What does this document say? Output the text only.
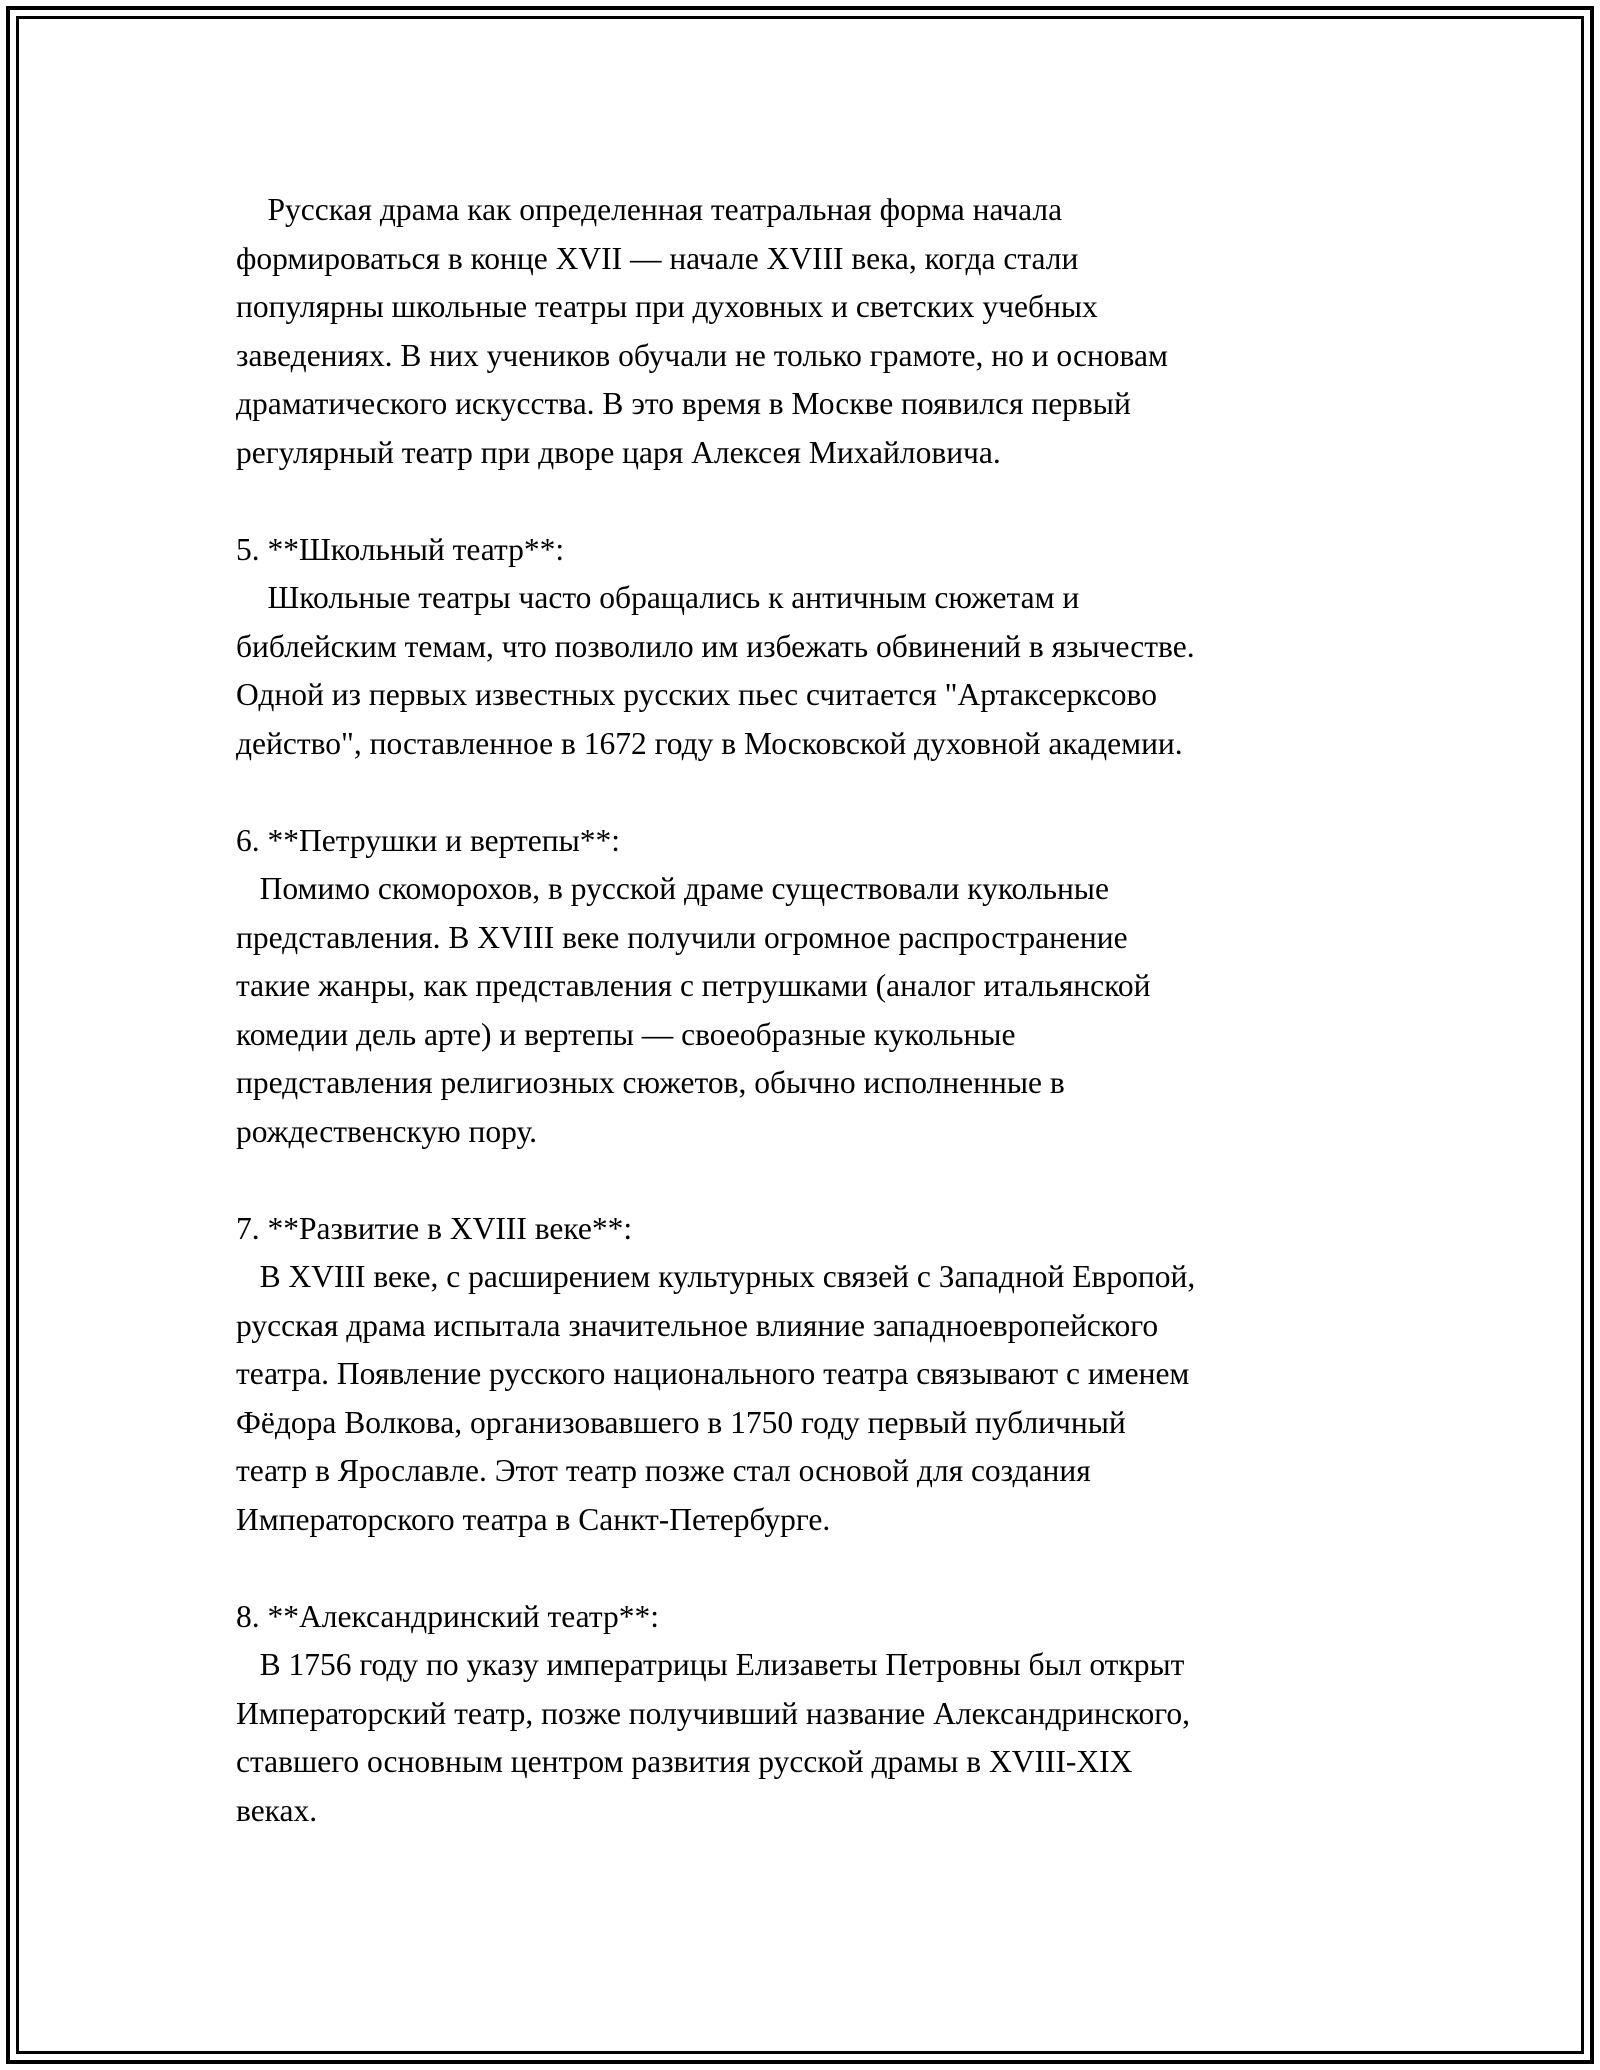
Русская драма как определенная театральная форма начала
формироваться в конце XVII — начале XVIII века, когда стали
популярны школьные театры при духовных и светских учебных
заведениях. В них учеников обучали не только грамоте, но и основам
драматического искусства. В это время в Москве появился первый
регулярный театр при дворе царя Алексея Михайловича.
5. **Школьный театр**:
Школьные театры часто обращались к античным сюжетам и
библейским темам, что позволило им избежать обвинений в язычестве.
Одной из первых известных русских пьес считается "Артаксерксово
действо", поставленное в 1672 году в Московской духовной академии.
6. **Петрушки и вертепы**:
Помимо скоморохов, в русской драме существовали кукольные
представления. В XVIII веке получили огромное распространение
такие жанры, как представления с петрушками (аналог итальянской
комедии дель арте) и вертепы — своеобразные кукольные
представления религиозных сюжетов, обычно исполненные в
рождественскую пору.
7. **Развитие в XVIII веке**:
В XVIII веке, с расширением культурных связей с Западной Европой,
русская драма испытала значительное влияние западноевропейского
театра. Появление русского национального театра связывают с именем
Фёдора Волкова, организовавшего в 1750 году первый публичный
театр в Ярославле. Этот театр позже стал основой для создания
Императорского театра в Санкт-Петербурге.
8. **Александринский театр**:
В 1756 году по указу императрицы Елизаветы Петровны был открыт
Императорский театр, позже получивший название Александринского,
ставшего основным центром развития русской драмы в XVIII-XIX
веках.
